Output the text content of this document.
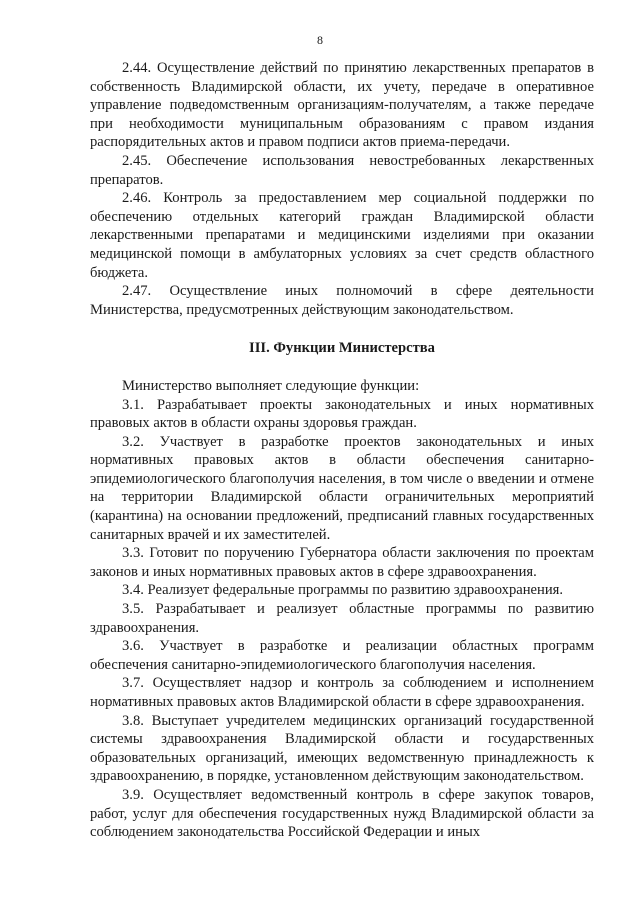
8

2.44. Осуществление действий по принятию лекарственных препаратов в собственность Владимирской области, их учету, передаче в оперативное управление подведомственным организациям-получателям, а также передаче при необходимости муниципальным образованиям с правом издания распорядительных актов и правом подписи актов приема-передачи.

2.45. Обеспечение использования невостребованных лекарственных препаратов.

2.46. Контроль за предоставлением мер социальной поддержки по обеспечению отдельных категорий граждан Владимирской области лекарственными препаратами и медицинскими изделиями при оказании медицинской помощи в амбулаторных условиях за счет средств областного бюджета.

2.47. Осуществление иных полномочий в сфере деятельности Министерства, предусмотренных действующим законодательством.

III. Функции Министерства

Министерство выполняет следующие функции:

3.1. Разрабатывает проекты законодательных и иных нормативных правовых актов в области охраны здоровья граждан.

3.2. Участвует в разработке проектов законодательных и иных нормативных правовых актов в области обеспечения санитарно-эпидемиологического благополучия населения, в том числе о введении и отмене на территории Владимирской области ограничительных мероприятий (карантина) на основании предложений, предписаний главных государственных санитарных врачей и их заместителей.

3.3. Готовит по поручению Губернатора области заключения по проектам законов и иных нормативных правовых актов в сфере здравоохранения.

3.4. Реализует федеральные программы по развитию здравоохранения.

3.5. Разрабатывает и реализует областные программы по развитию здравоохранения.

3.6. Участвует в разработке и реализации областных программ обеспечения санитарно-эпидемиологического благополучия населения.

3.7. Осуществляет надзор и контроль за соблюдением и исполнением нормативных правовых актов Владимирской области в сфере здравоохранения.

3.8. Выступает учредителем медицинских организаций государственной системы здравоохранения Владимирской области и государственных образовательных организаций, имеющих ведомственную принадлежность к здравоохранению, в порядке, установленном действующим законодательством.

3.9. Осуществляет ведомственный контроль в сфере закупок товаров, работ, услуг для обеспечения государственных нужд Владимирской области за соблюдением законодательства Российской Федерации и иных
